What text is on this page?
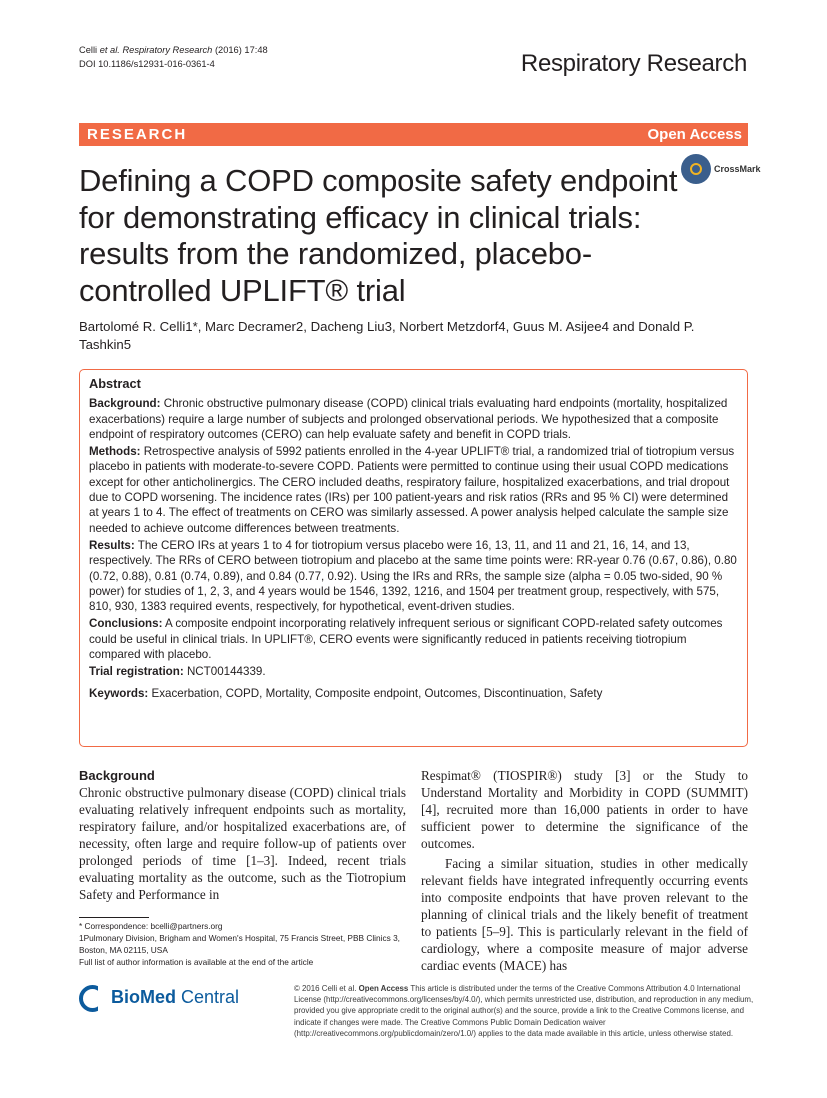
Celli et al. Respiratory Research (2016) 17:48
DOI 10.1186/s12931-016-0361-4	Respiratory Research
RESEARCH	Open Access
CrossMark
Defining a COPD composite safety endpoint for demonstrating efficacy in clinical trials: results from the randomized, placebo-controlled UPLIFT® trial
Bartolomé R. Celli1*, Marc Decramer2, Dacheng Liu3, Norbert Metzdorf4, Guus M. Asijee4 and Donald P. Tashkin5
Abstract

Background: Chronic obstructive pulmonary disease (COPD) clinical trials evaluating hard endpoints (mortality, hospitalized exacerbations) require a large number of subjects and prolonged observational periods. We hypothesized that a composite endpoint of respiratory outcomes (CERO) can help evaluate safety and benefit in COPD trials.

Methods: Retrospective analysis of 5992 patients enrolled in the 4-year UPLIFT® trial, a randomized trial of tiotropium versus placebo in patients with moderate-to-severe COPD. Patients were permitted to continue using their usual COPD medications except for other anticholinergics. The CERO included deaths, respiratory failure, hospitalized exacerbations, and trial dropout due to COPD worsening. The incidence rates (IRs) per 100 patient-years and risk ratios (RRs and 95 % CI) were determined at years 1 to 4. The effect of treatments on CERO was similarly assessed. A power analysis helped calculate the sample size needed to achieve outcome differences between treatments.

Results: The CERO IRs at years 1 to 4 for tiotropium versus placebo were 16, 13, 11, and 11 and 21, 16, 14, and 13, respectively. The RRs of CERO between tiotropium and placebo at the same time points were: RR-year 0.76 (0.67, 0.86), 0.80 (0.72, 0.88), 0.81 (0.74, 0.89), and 0.84 (0.77, 0.92). Using the IRs and RRs, the sample size (alpha = 0.05 two-sided, 90 % power) for studies of 1, 2, 3, and 4 years would be 1546, 1392, 1216, and 1504 per treatment group, respectively, with 575, 810, 930, 1383 required events, respectively, for hypothetical, event-driven studies.

Conclusions: A composite endpoint incorporating relatively infrequent serious or significant COPD-related safety outcomes could be useful in clinical trials. In UPLIFT®, CERO events were significantly reduced in patients receiving tiotropium compared with placebo.

Trial registration: NCT00144339.

Keywords: Exacerbation, COPD, Mortality, Composite endpoint, Outcomes, Discontinuation, Safety

Background

Chronic obstructive pulmonary disease (COPD) clinical trials evaluating relatively infrequent endpoints such as mortality, respiratory failure, and/or hospitalized exacerbations are, of necessity, often large and require follow-up of patients over prolonged periods of time [1–3]. Indeed, recent trials evaluating mortality as the outcome, such as the Tiotropium Safety and Performance in

Respimat® (TIOSPIR®) study [3] or the Study to Understand Mortality and Morbidity in COPD (SUMMIT) [4], recruited more than 16,000 patients in order to have sufficient power to determine the significance of the outcomes.

Facing a similar situation, studies in other medically relevant fields have integrated infrequently occurring events into composite endpoints that have proven relevant to the planning of clinical trials and the likely benefit of treatment to patients [5–9]. This is particularly relevant in the field of cardiology, where a composite measure of major adverse cardiac events (MACE) has

* Correspondence: bcelli@partners.org
1Pulmonary Division, Brigham and Women's Hospital, 75 Francis Street, PBB Clinics 3, Boston, MA 02115, USA
Full list of author information is available at the end of the article
BioMed Central	© 2016 Celli et al. Open Access This article is distributed under the terms of the Creative Commons Attribution 4.0 International License (http://creativecommons.org/licenses/by/4.0/), which permits unrestricted use, distribution, and reproduction in any medium, provided you give appropriate credit to the original author(s) and the source, provide a link to the Creative Commons license, and indicate if changes were made. The Creative Commons Public Domain Dedication waiver (http://creativecommons.org/publicdomain/zero/1.0/) applies to the data made available in this article, unless otherwise stated.
